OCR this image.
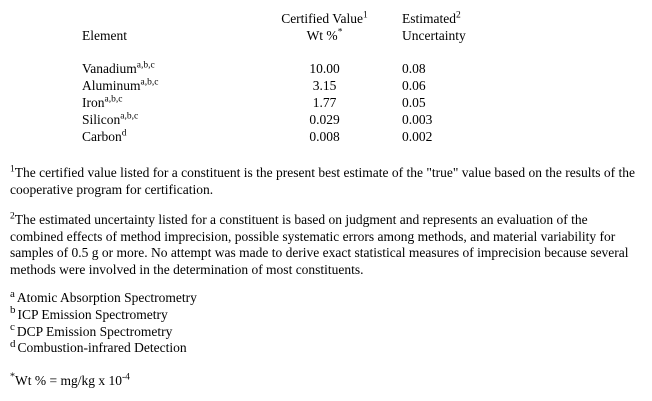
	Certified Value$^1$	Estimated$^2$
Element	Wt %*	Uncertainty

Vanadium$^{a,b,c}$	10.00	0.08
Aluminum$^{a,b,c}$	3.15	0.06
Iron$^{a,b,c}$	1.77	0.05
Silicon$^{a,b,c}$	0.029	0.003
Carbon$^d$	0.008	0.002

$^1$The certified value listed for a constituent is the present best estimate of the "true" value based on the results of the cooperative program for certification.

$^2$The estimated uncertainty listed for a constituent is based on judgment and represents an evaluation of the combined effects of method imprecision, possible systematic errors among methods, and material variability for samples of 0.5 g or more. No attempt was made to derive exact statistical measures of imprecision because several methods were involved in the determination of most constituents.

$^a$ Atomic Absorption Spectrometry
$^b$ ICP Emission Spectrometry
$^c$ DCP Emission Spectrometry
$^d$ Combustion-infrared Detection
*Wt % = mg/kg x $10^{-4}$
